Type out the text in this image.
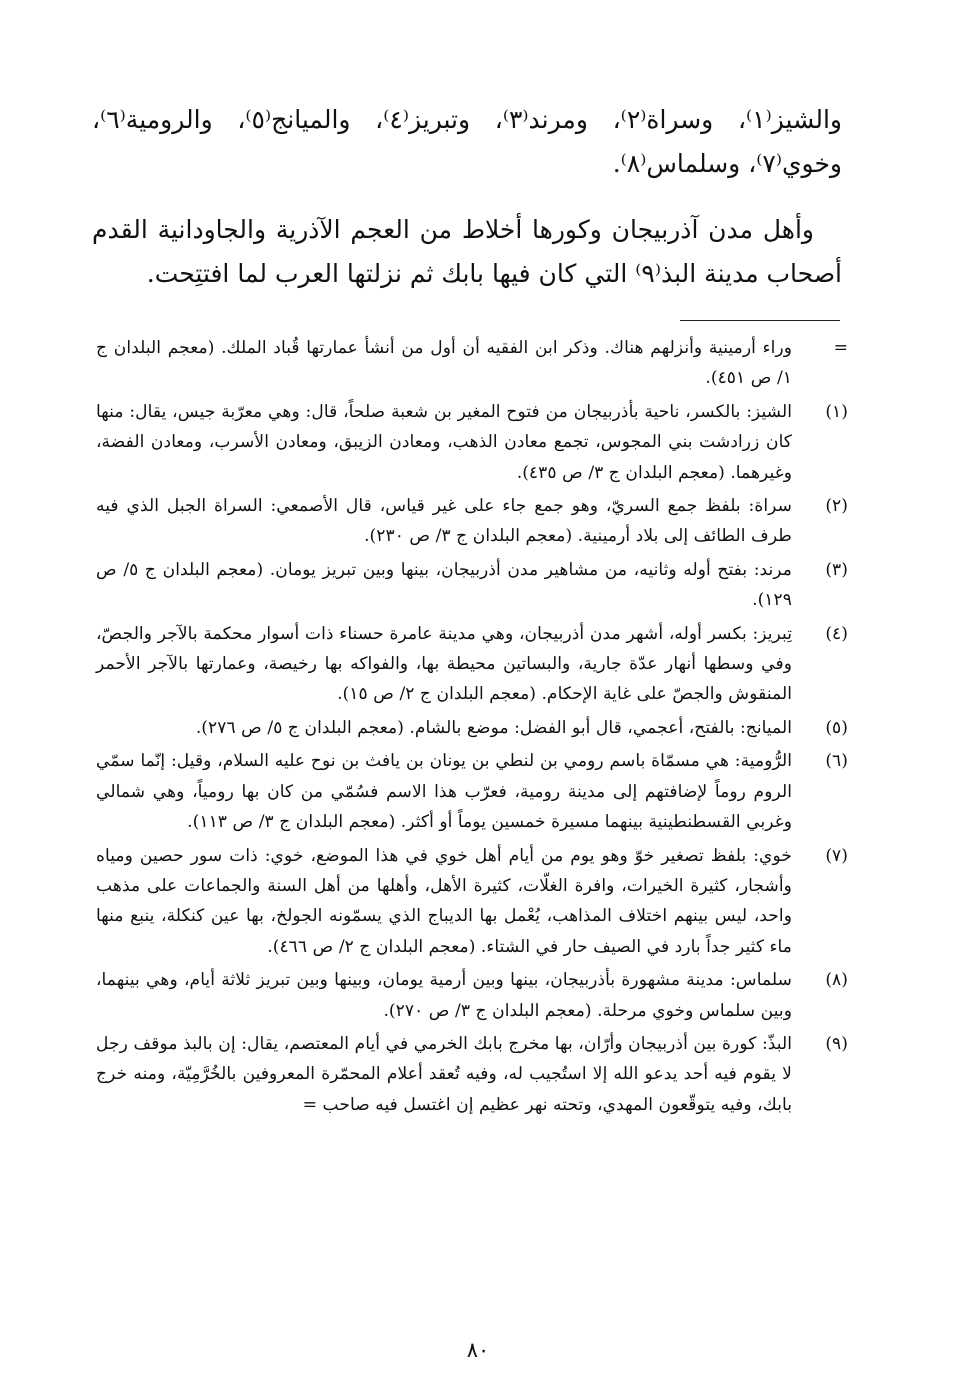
والشيز⁽١⁾، وسراة⁽٢⁾، ومرند⁽٣⁾، وتبريز⁽٤⁾، والميانج⁽٥⁾، والرومية⁽٦⁾، وخوي⁽٧⁾، وسلماس⁽٨⁾.

وأهل مدن آذربيجان وكورها أخلاط من العجم الآذرية والجاودانية القدم أصحاب مدينة البذ⁽٩⁾ التي كان فيها بابك ثم نزلتها العرب لما افتتِحت.

=
وراء أرمينية وأنزلهم هناك. وذكر ابن الفقيه أن أول من أنشأ عمارتها قُباد الملك. (معجم البلدان ج ١/ ص ٤٥١).
(١)
الشيز: بالكسر، ناحية بأذربيجان من فتوح المغير بن شعبة صلحاً، قال: وهي معرّبة جيس، يقال: منها كان زرادشت بني المجوس، تجمع معادن الذهب، ومعادن الزيبق، ومعادن الأسرب، ومعادن الفضة، وغيرهما. (معجم البلدان ج ٣/ ص ٤٣٥).
(٢)
سراة: بلفظ جمع السريّ، وهو جمع جاء على غير قياس، قال الأصمعي: السراة الجبل الذي فيه طرف الطائف إلى بلاد أرمينية. (معجم البلدان ج ٣/ ص ٢٣٠).
(٣)
مرند: بفتح أوله وثانيه، من مشاهير مدن أذربيجان، بينها وبين تبريز يومان. (معجم البلدان ج ٥/ ص ١٢٩).
(٤)
تِبريز: بكسر أوله، أشهر مدن أذربيجان، وهي مدينة عامرة حسناء ذات أسوار محكمة بالآجر والجصّ، وفي وسطها أنهار عدّة جارية، والبساتين محيطة بها، والفواكه بها رخيصة، وعمارتها بالآجر الأحمر المنقوش والجصّ على غاية الإحكام. (معجم البلدان ج ٢/ ص ١٥).
(٥)
الميانج: بالفتح، أعجمي، قال أبو الفضل: موضع بالشام. (معجم البلدان ج ٥/ ص ٢٧٦).
(٦)
الرُّومية: هي مسمّاة باسم رومي بن لنطي بن يونان بن يافث بن نوح عليه السلام، وقيل: إنّما سمّي الروم روماً لإضافتهم إلى مدينة رومية، فعرّب هذا الاسم فسُمّي من كان بها رومياً، وهي شمالي وغربي القسطنطينية بينهما مسيرة خمسين يوماً أو أكثر. (معجم البلدان ج ٣/ ص ١١٣).
(٧)
خوي: بلفظ تصغير خوّ وهو يوم من أيام أهل خوي في هذا الموضع، خوي: ذات سور حصين ومياه وأشجار، كثيرة الخيرات، وافرة الغلّات، كثيرة الأهل، وأهلها من أهل السنة والجماعات على مذهب واحد، ليس بينهم اختلاف المذاهب، يُعْمل بها الديباج الذي يسمّونه الجولخ، بها عين كنكلة، ينبع منها ماء كثير جداً بارد في الصيف حار في الشتاء. (معجم البلدان ج ٢/ ص ٤٦٦).
(٨)
سلماس: مدينة مشهورة بأذربيجان، بينها وبين أرمية يومان، وبينها وبين تبريز ثلاثة أيام، وهي بينهما، وبين سلماس وخوي مرحلة. (معجم البلدان ج ٣/ ص ٢٧٠).
(٩)
البذّ: كورة بين أذربيجان وأرّان، بها مخرج بابك الخرمي في أيام المعتصم، يقال: إن بالبذ موقف رجل لا يقوم فيه أحد يدعو الله إلا استُجيب له، وفيه تُعقد أعلام المحمّرة المعروفين بالخُرَّمِيّة، ومنه خرج بابك، وفيه يتوقّعون المهدي، وتحته نهر عظيم إن اغتسل فيه صاحب =
٨٠
